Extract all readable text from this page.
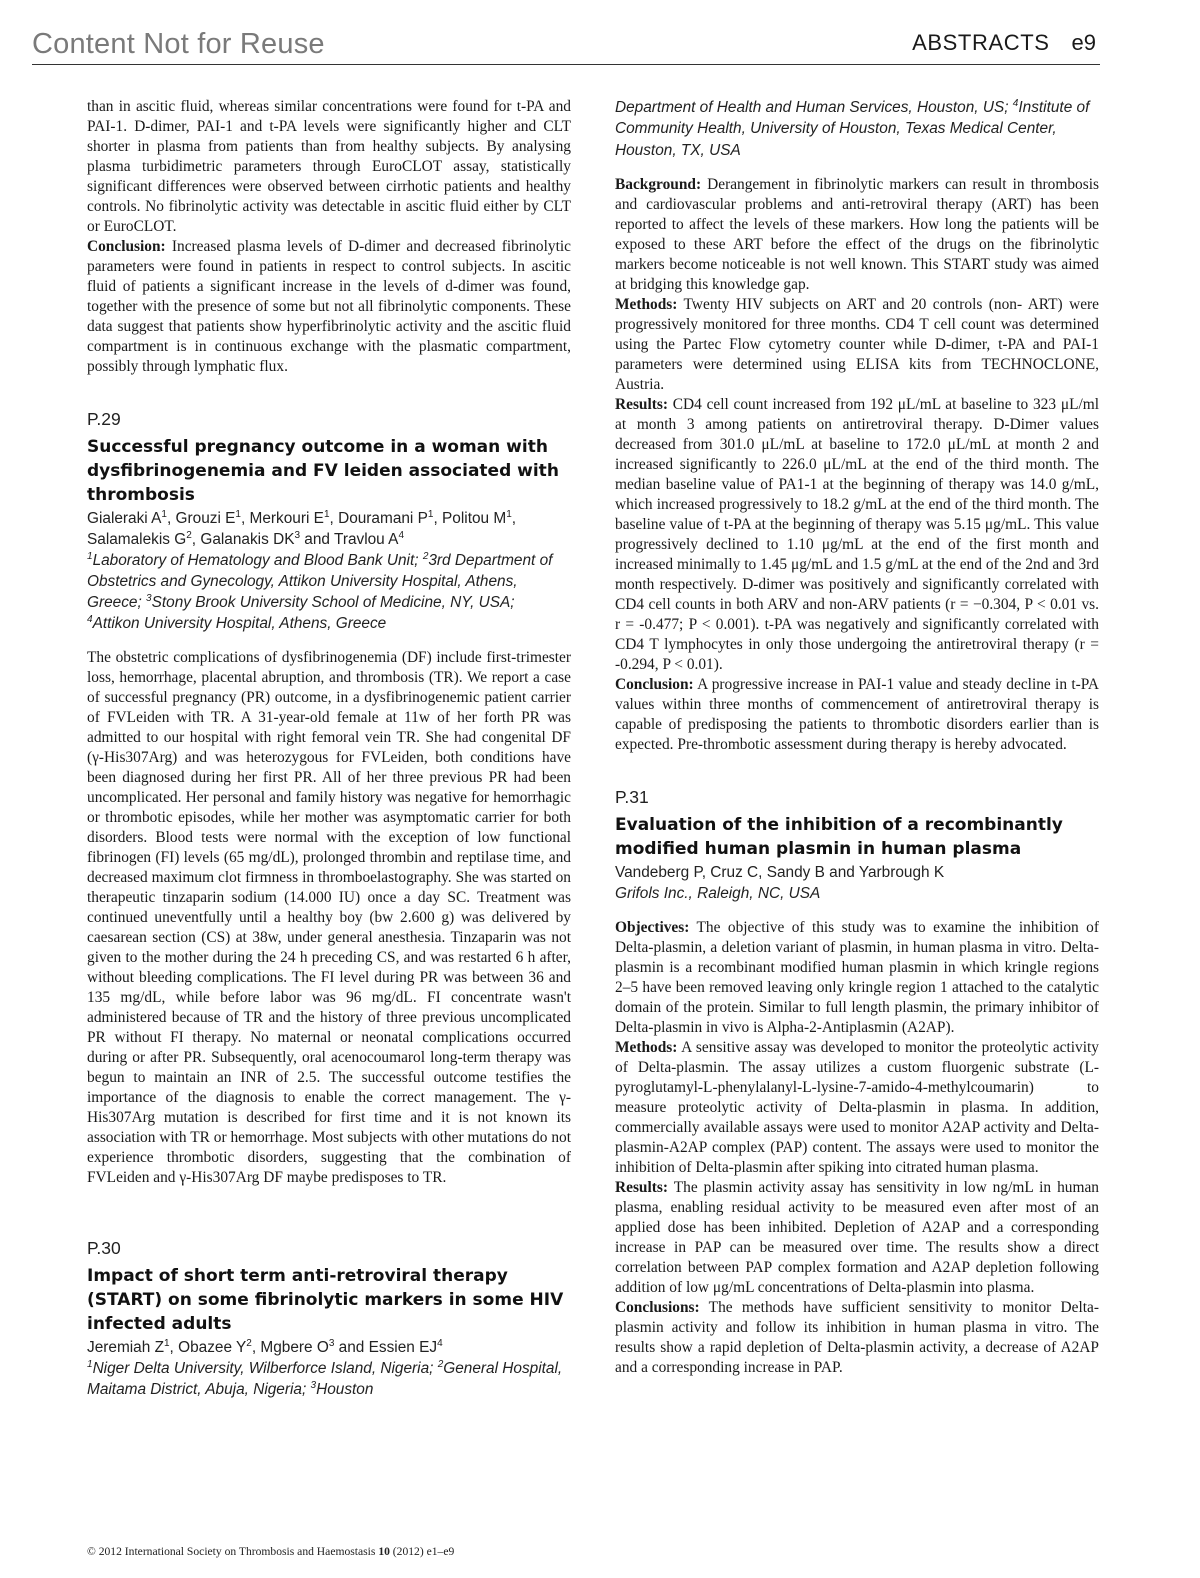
Content Not for Reuse	ABSTRACTS e9

than in ascitic fluid, whereas similar concentrations were found for t-PA and PAI-1. D-dimer, PAI-1 and t-PA levels were significantly higher and CLT shorter in plasma from patients than from healthy subjects. By analysing plasma turbidimetric parameters through EuroCLOT assay, statistically significant differences were observed between cirrhotic patients and healthy controls. No fibrinolytic activity was detectable in ascitic fluid either by CLT or EuroCLOT.
Conclusion: Increased plasma levels of D-dimer and decreased fibrinolytic parameters were found in patients in respect to control subjects. In ascitic fluid of patients a significant increase in the levels of d-dimer was found, together with the presence of some but not all fibrinolytic components. These data suggest that patients show hyperfibrinolytic activity and the ascitic fluid compartment is in continuous exchange with the plasmatic compartment, possibly through lymphatic flux.

P.29
Successful pregnancy outcome in a woman with dysfibrinogenemia and FV leiden associated with thrombosis
Gialeraki $A^1$, Grouzi $E^1$, Merkouri $E^1$, Douramani $P^1$, Politou $M^1$, Salamalekis $G^2$, Galanakis $DK^3$ and Travlou $A^4$
$^1$Laboratory of Hematology and Blood Bank Unit; $^2$3rd Department of Obstetrics and Gynecology, Attikon University Hospital, Athens, Greece; $^3$Stony Brook University School of Medicine, NY, USA; $^4$Attikon University Hospital, Athens, Greece

The obstetric complications of dysfibrinogenemia (DF) include first-trimester loss, hemorrhage, placental abruption, and thrombosis (TR). We report a case of successful pregnancy (PR) outcome, in a dysfibrinogenemic patient carrier of FVLeiden with TR. A 31-year-old female at 11w of her forth PR was admitted to our hospital with right femoral vein TR. She had congenital DF (γ-His307Arg) and was heterozygous for FVLeiden, both conditions have been diagnosed during her first PR. All of her three previous PR had been uncomplicated. Her personal and family history was negative for hemorrhagic or thrombotic episodes, while her mother was asymptomatic carrier for both disorders. Blood tests were normal with the exception of low functional fibrinogen (FI) levels (65 mg/dL), prolonged thrombin and reptilase time, and decreased maximum clot firmness in thromboelastography. She was started on therapeutic tinzaparin sodium (14.000 IU) once a day SC. Treatment was continued uneventfully until a healthy boy (bw 2.600 g) was delivered by caesarean section (CS) at 38w, under general anesthesia. Tinzaparin was not given to the mother during the 24 h preceding CS, and was restarted 6 h after, without bleeding complications. The FI level during PR was between 36 and 135 mg/dL, while before labor was 96 mg/dL. FI concentrate wasn't administered because of TR and the history of three previous uncomplicated PR without FI therapy. No maternal or neonatal complications occurred during or after PR. Subsequently, oral acenocoumarol long-term therapy was begun to maintain an INR of 2.5. The successful outcome testifies the importance of the diagnosis to enable the correct management. The γ-His307Arg mutation is described for first time and it is not known its association with TR or hemorrhage. Most subjects with other mutations do not experience thrombotic disorders, suggesting that the combination of FVLeiden and γ-His307Arg DF maybe predisposes to TR.

P.30
Impact of short term anti-retroviral therapy (START) on some fibrinolytic markers in some HIV infected adults
Jeremiah $Z^1$, Obazee $Y^2$, Mgbere $O^3$ and Essien $EJ^4$
$^1$Niger Delta University, Wilberforce Island, Nigeria; $^2$General Hospital, Maitama District, Abuja, Nigeria; $^3$Houston
Department of Health and Human Services, Houston, US; $^4$Institute of Community Health, University of Houston, Texas Medical Center, Houston, TX, USA

Background: Derangement in fibrinolytic markers can result in thrombosis and cardiovascular problems and anti-retroviral therapy (ART) has been reported to affect the levels of these markers. How long the patients will be exposed to these ART before the effect of the drugs on the fibrinolytic markers become noticeable is not well known. This START study was aimed at bridging this knowledge gap.
Methods: Twenty HIV subjects on ART and 20 controls (non- ART) were progressively monitored for three months. CD4 T cell count was determined using the Partec Flow cytometry counter while D-dimer, t-PA and PAI-1 parameters were determined using ELISA kits from TECHNOCLONE, Austria.
Results: CD4 cell count increased from 192 μL/mL at baseline to 323 μL/ml at month 3 among patients on antiretroviral therapy. D-Dimer values decreased from 301.0 μL/mL at baseline to 172.0 μL/mL at month 2 and increased significantly to 226.0 μL/mL at the end of the third month. The median baseline value of PA1-1 at the beginning of therapy was 14.0 g/mL, which increased progressively to 18.2 g/mL at the end of the third month. The baseline value of t-PA at the beginning of therapy was 5.15 μg/mL. This value progressively declined to 1.10 μg/mL at the end of the first month and increased minimally to 1.45 μg/mL and 1.5 g/mL at the end of the 2nd and 3rd month respectively. D-dimer was positively and significantly correlated with CD4 cell counts in both ARV and non-ARV patients (r = −0.304, P < 0.01 vs. r = -0.477; P < 0.001). t-PA was negatively and significantly correlated with CD4 T lymphocytes in only those undergoing the antiretroviral therapy (r = -0.294, P < 0.01).
Conclusion: A progressive increase in PAI-1 value and steady decline in t-PA values within three months of commencement of antiretroviral therapy is capable of predisposing the patients to thrombotic disorders earlier than is expected. Pre-thrombotic assessment during therapy is hereby advocated.

P.31
Evaluation of the inhibition of a recombinantly modified human plasmin in human plasma
Vandeberg P, Cruz C, Sandy B and Yarbrough K
Grifols Inc., Raleigh, NC, USA

Objectives: The objective of this study was to examine the inhibition of Delta-plasmin, a deletion variant of plasmin, in human plasma in vitro. Delta-plasmin is a recombinant modified human plasmin in which kringle regions 2–5 have been removed leaving only kringle region 1 attached to the catalytic domain of the protein. Similar to full length plasmin, the primary inhibitor of Delta-plasmin in vivo is Alpha-2-Antiplasmin (A2AP).
Methods: A sensitive assay was developed to monitor the proteolytic activity of Delta-plasmin. The assay utilizes a custom fluorgenic substrate (L-pyroglutamyl-L-phenylalanyl-L-lysine-7-amido-4-methylcoumarin) to measure proteolytic activity of Delta-plasmin in plasma. In addition, commercially available assays were used to monitor A2AP activity and Delta-plasmin-A2AP complex (PAP) content. The assays were used to monitor the inhibition of Delta-plasmin after spiking into citrated human plasma.
Results: The plasmin activity assay has sensitivity in low ng/mL in human plasma, enabling residual activity to be measured even after most of an applied dose has been inhibited. Depletion of A2AP and a corresponding increase in PAP can be measured over time. The results show a direct correlation between PAP complex formation and A2AP depletion following addition of low μg/mL concentrations of Delta-plasmin into plasma.
Conclusions: The methods have sufficient sensitivity to monitor Delta-plasmin activity and follow its inhibition in human plasma in vitro. The results show a rapid depletion of Delta-plasmin activity, a decrease of A2AP and a corresponding increase in PAP.

© 2012 International Society on Thrombosis and Haemostasis 10 (2012) e1–e9
